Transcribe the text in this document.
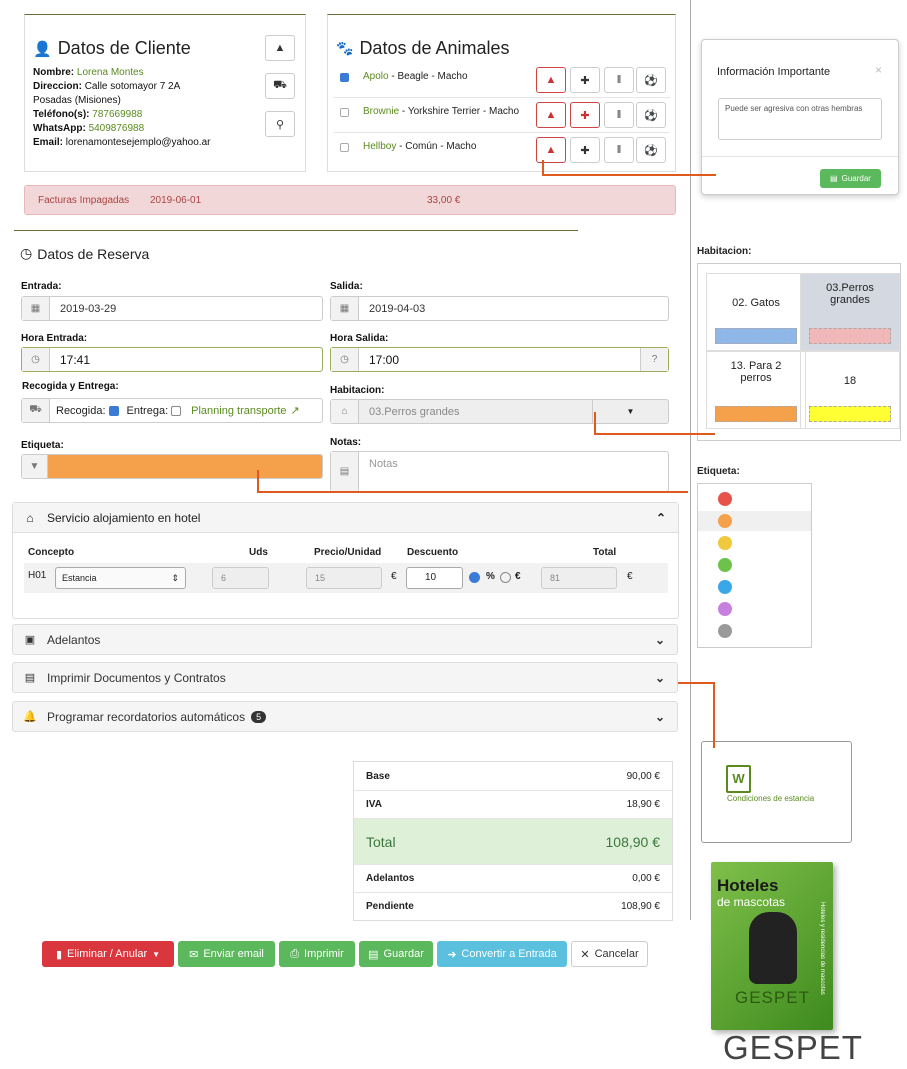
👤 Datos de Cliente
Nombre: Lorena Montes
Direccion: Calle sotomayor 7 2A
Posadas (Misiones)
Teléfono(s): 787669988
WhatsApp: 5409876988
Email: lorenamontesejemplo@yahoo.ar
▲
⛟
⚲
🐾 Datos de Animales
Apolo - Beagle - Macho	▲ ✚ ‖ ⚽
Brownie - Yorkshire Terrier - Macho ▲ ✚ ‖ ⚽
Hellboy - Común - Macho	▲ ✚ ‖ ⚽
Facturas Impagadas 2019-06-01	33,00 €
◷ Datos de Reserva
Entrada:
▦	2019-03-29
Salida:
▦	2019-04-03
Hora Entrada:
◷	17:41
Hora Salida:
◷	17:00	?
Recogida y Entrega:
⛟	Recogida: Entrega: Planning transporte ↗
Habitacion:
⌂	03.Perros grandes	▼
Etiqueta:
▼
Notas:
▤
Notas
⌂	Servicio alojamiento en hotel	⌃
Concepto	Uds	Precio/Unidad	Descuento	Total
H01	Estancia	⇕	6	15	€	10	% €	81	€
▣ Adelantos	⌄
▤ Imprimir Documentos y Contratos	⌄
🔔 Programar recordatorios automáticos	5	⌄
Base	90,00 €
IVA	18,90 €
Total	108,90 €
Adelantos	0,00 €
Pendiente	108,90 €
▮ Eliminar / Anular ▼	✉ Enviar email ⎙ Imprimir ▤ Guardar ➜ Convertir a Entrada ✕ Cancelar
Información Importante	×
Puede ser agresiva con otras hembras
▤ Guardar
Habitacion:
02. Gatos
03.Perros grandes
13. Para 2 perros	18
Etiqueta:
W
Condiciones de estancia
Hoteles
de mascotas
GESPET
Hoteles y residencias de mascotas
GESPET
